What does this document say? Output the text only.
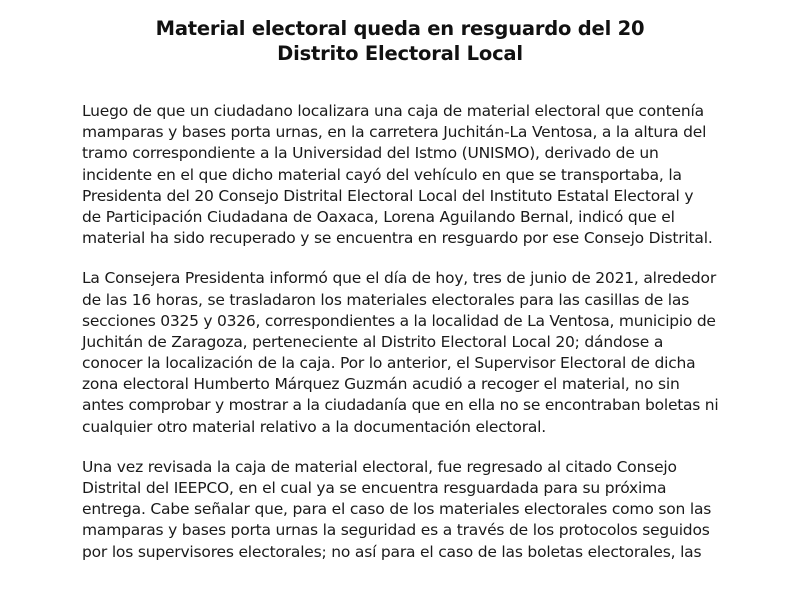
Material electoral queda en resguardo del 20
Distrito Electoral Local
Luego de que un ciudadano localizara una caja de material electoral que contenía
mamparas y bases porta urnas, en la carretera Juchitán-La Ventosa, a la altura del
tramo correspondiente a la Universidad del Istmo (UNISMO), derivado de un
incidente en el que dicho material cayó del vehículo en que se transportaba, la
Presidenta del 20 Consejo Distrital Electoral Local del Instituto Estatal Electoral y
de Participación Ciudadana de Oaxaca, Lorena Aguilando Bernal, indicó que el
material ha sido recuperado y se encuentra en resguardo por ese Consejo Distrital.
La Consejera Presidenta informó que el día de hoy, tres de junio de 2021, alrededor
de las 16 horas, se trasladaron los materiales electorales para las casillas de las
secciones 0325 y 0326, correspondientes a la localidad de La Ventosa, municipio de
Juchitán de Zaragoza, perteneciente al Distrito Electoral Local 20; dándose a
conocer la localización de la caja. Por lo anterior, el Supervisor Electoral de dicha
zona electoral Humberto Márquez Guzmán acudió a recoger el material, no sin
antes comprobar y mostrar a la ciudadanía que en ella no se encontraban boletas ni
cualquier otro material relativo a la documentación electoral.
Una vez revisada la caja de material electoral, fue regresado al citado Consejo
Distrital del IEEPCO, en el cual ya se encuentra resguardada para su próxima
entrega. Cabe señalar que, para el caso de los materiales electorales como son las
mamparas y bases porta urnas la seguridad es a través de los protocolos seguidos
por los supervisores electorales; no así para el caso de las boletas electorales, las
